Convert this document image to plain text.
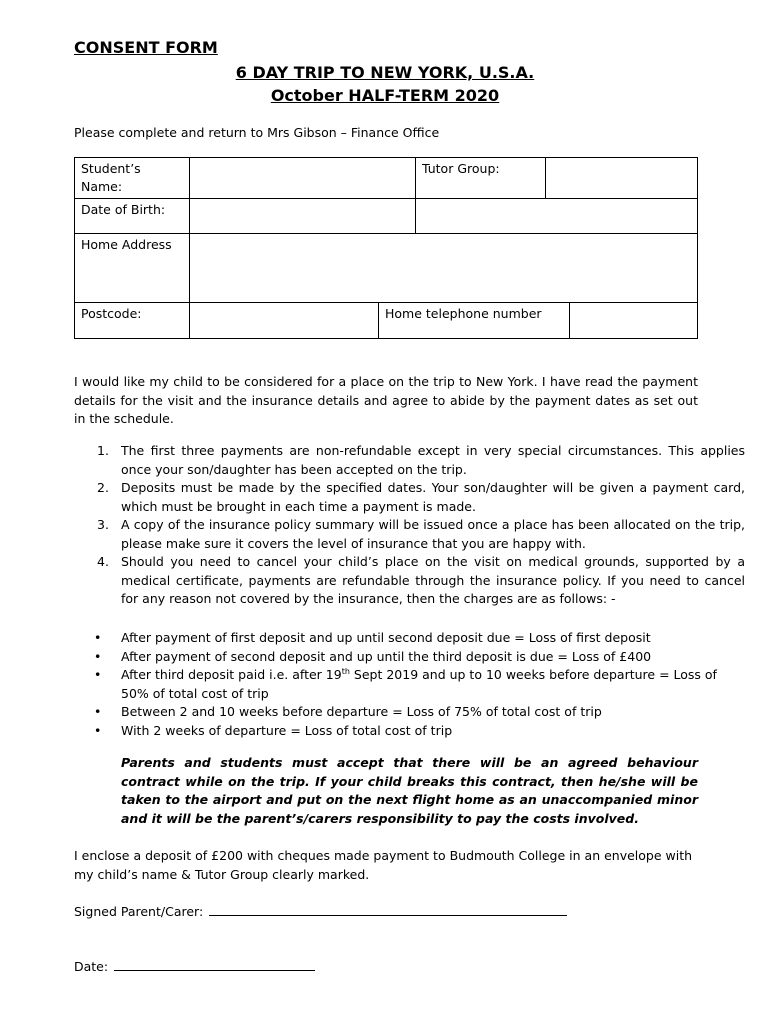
CONSENT FORM
6 DAY TRIP TO NEW YORK, U.S.A.
October HALF-TERM 2020
Please complete and return to Mrs Gibson – Finance Office
Student’s Name:			Tutor Group:		
Date of Birth:					
Home Address					
Postcode:		Home telephone number			
I would like my child to be considered for a place on the trip to New York. I have read the payment details for the visit and the insurance details and agree to abide by the payment dates as set out in the schedule.
1. The first three payments are non-refundable except in very special circumstances. This applies once your son/daughter has been accepted on the trip.
2. Deposits must be made by the specified dates. Your son/daughter will be given a payment card, which must be brought in each time a payment is made.
3. A copy of the insurance policy summary will be issued once a place has been allocated on the trip, please make sure it covers the level of insurance that you are happy with.
4. Should you need to cancel your child’s place on the visit on medical grounds, supported by a medical certificate, payments are refundable through the insurance policy. If you need to cancel for any reason not covered by the insurance, then the charges are as follows: -
• After payment of first deposit and up until second deposit due = Loss of first deposit
• After payment of second deposit and up until the third deposit is due = Loss of £400
• After third deposit paid i.e. after 19th Sept 2019 and up to 10 weeks before departure = Loss of 50% of total cost of trip
• Between 2 and 10 weeks before departure = Loss of 75% of total cost of trip
• With 2 weeks of departure = Loss of total cost of trip
Parents and students must accept that there will be an agreed behaviour contract while on the trip. If your child breaks this contract, then he/she will be taken to the airport and put on the next flight home as an unaccompanied minor and it will be the parent’s/carers responsibility to pay the costs involved.
I enclose a deposit of £200 with cheques made payment to Budmouth College in an envelope with my child’s name & Tutor Group clearly marked.
Signed Parent/Carer:
Date:
